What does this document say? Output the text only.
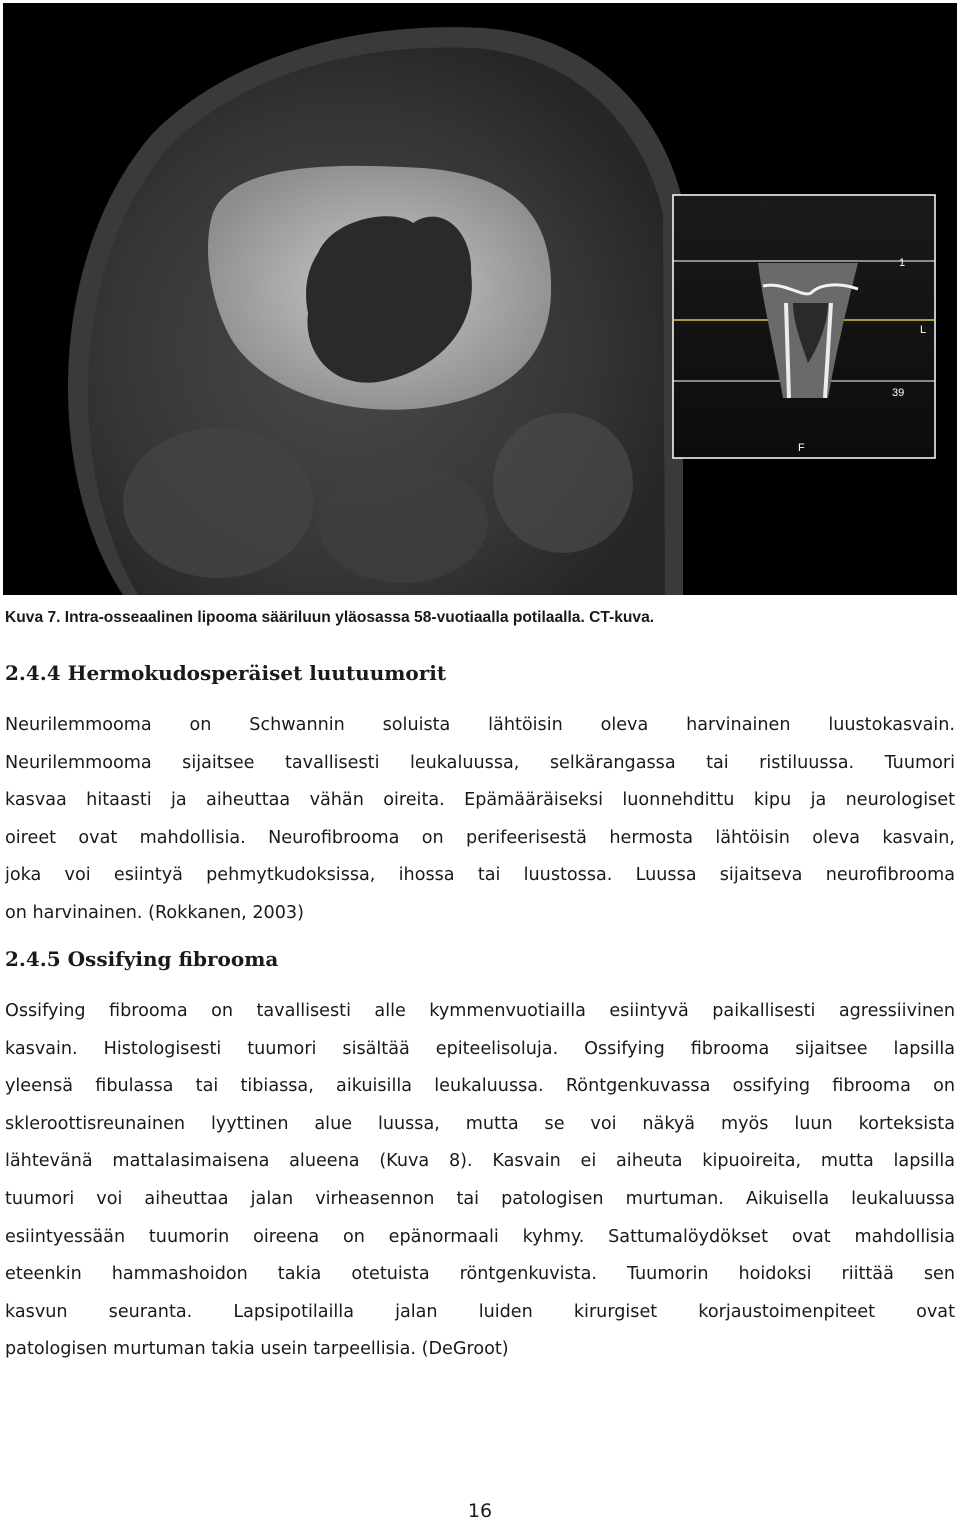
1
L
39
F
Kuva 7. Intra-osseaalinen lipooma sääriluun yläosassa 58-vuotiaalla potilaalla. CT-kuva.
2.4.4 Hermokudosperäiset luutuumorit
Neurilemmooma on Schwannin soluista lähtöisin oleva harvinainen luustokasvain.
Neurilemmooma sijaitsee tavallisesti leukaluussa, selkärangassa tai ristiluussa. Tuumori
kasvaa hitaasti ja aiheuttaa vähän oireita. Epämääräiseksi luonnehdittu kipu ja neurologiset
oireet ovat mahdollisia. Neurofibrooma on perifeerisestä hermosta lähtöisin oleva kasvain,
joka voi esiintyä pehmytkudoksissa, ihossa tai luustossa. Luussa sijaitseva neurofibrooma
on harvinainen. (Rokkanen, 2003)
2.4.5 Ossifying fibrooma
Ossifying fibrooma on tavallisesti alle kymmenvuotiailla esiintyvä paikallisesti agressiivinen
kasvain. Histologisesti tuumori sisältää epiteelisoluja. Ossifying fibrooma sijaitsee lapsilla
yleensä fibulassa tai tibiassa, aikuisilla leukaluussa. Röntgenkuvassa ossifying fibrooma on
skleroottisreunainen lyyttinen alue luussa, mutta se voi näkyä myös luun korteksista
lähtevänä mattalasimaisena alueena (Kuva 8). Kasvain ei aiheuta kipuoireita, mutta lapsilla
tuumori voi aiheuttaa jalan virheasennon tai patologisen murtuman. Aikuisella leukaluussa
esiintyessään tuumorin oireena on epänormaali kyhmy. Sattumalöydökset ovat mahdollisia
eteenkin hammashoidon takia otetuista röntgenkuvista. Tuumorin hoidoksi riittää sen
kasvun seuranta. Lapsipotilailla jalan luiden kirurgiset korjaustoimenpiteet ovat
patologisen murtuman takia usein tarpeellisia. (DeGroot)
16
